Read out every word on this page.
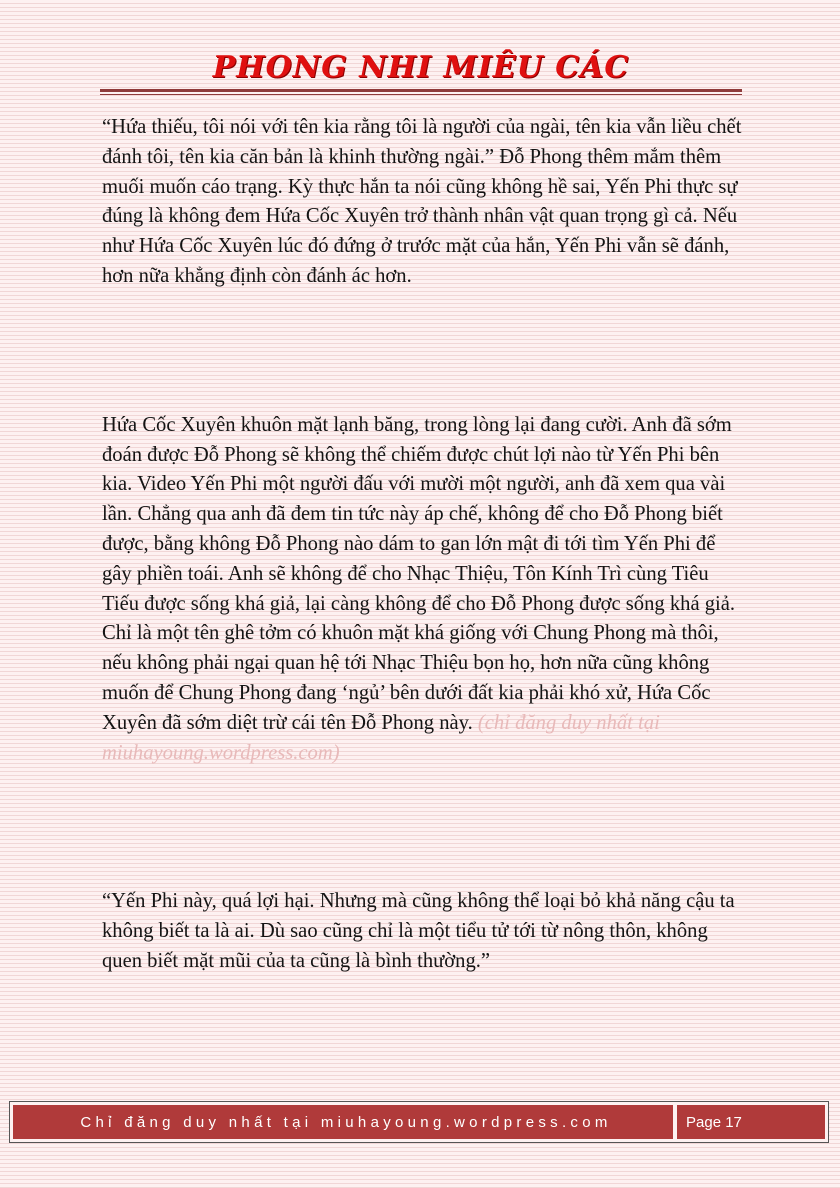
PHONG NHI MIÊU CÁC

“Hứa thiếu, tôi nói với tên kia rằng tôi là người của ngài, tên kia vẫn liều chết đánh tôi, tên kia căn bản là khinh thường ngài.” Đỗ Phong thêm mắm thêm muối muốn cáo trạng. Kỳ thực hắn ta nói cũng không hề sai, Yến Phi thực sự đúng là không đem Hứa Cốc Xuyên trở thành nhân vật quan trọng gì cả. Nếu như Hứa Cốc Xuyên lúc đó đứng ở trước mặt của hắn, Yến Phi vẫn sẽ đánh, hơn nữa khẳng định còn đánh ác hơn.

Hứa Cốc Xuyên khuôn mặt lạnh băng, trong lòng lại đang cười. Anh đã sớm đoán được Đỗ Phong sẽ không thể chiếm được chút lợi nào từ Yến Phi bên kia. Video Yến Phi một người đấu với mười một người, anh đã xem qua vài lần. Chẳng qua anh đã đem tin tức này áp chế, không để cho Đỗ Phong biết được, bằng không Đỗ Phong nào dám to gan lớn mật đi tới tìm Yến Phi để gây phiền toái. Anh sẽ không để cho Nhạc Thiệu, Tôn Kính Trì cùng Tiêu Tiếu được sống khá giả, lại càng không để cho Đỗ Phong được sống khá giả. Chỉ là một tên ghê tởm có khuôn mặt khá giống với Chung Phong mà thôi, nếu không phải ngại quan hệ tới Nhạc Thiệu bọn họ, hơn nữa cũng không muốn để Chung Phong đang ‘ngủ’ bên dưới đất kia phải khó xử, Hứa Cốc Xuyên đã sớm diệt trừ cái tên Đỗ Phong này. (chỉ đăng duy nhất tại miuhayoung.wordpress.com)

“Yến Phi này, quá lợi hại. Nhưng mà cũng không thể loại bỏ khả năng cậu ta không biết ta là ai. Dù sao cũng chỉ là một tiểu tử tới từ nông thôn, không quen biết mặt mũi của ta cũng là bình thường.”

Chỉ đăng duy nhất tại miuhayoung.wordpress.com	Page 17
